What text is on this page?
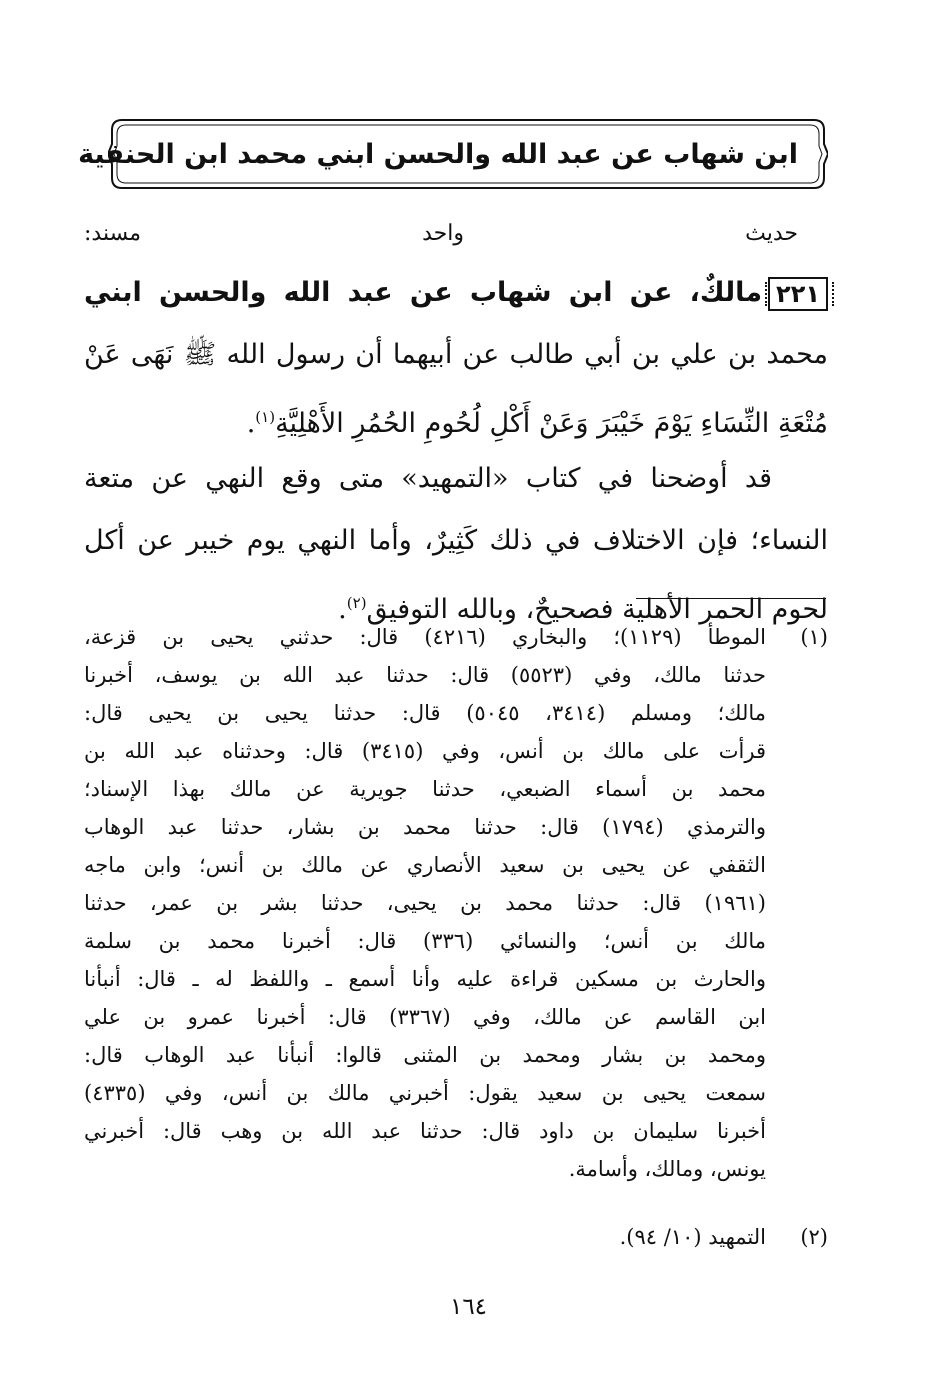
ابن شهاب عن عبد الله والحسن ابني محمد ابن الحنفية
حديث واحد مسند:
٢٢١مالكٌ، عن ابن شهاب عن عبد الله والحسن ابني
محمد بن علي بن أبي طالب عن أبيهما أن رسول الله ﷺ نَهَى عَنْ
مُتْعَةِ النِّسَاءِ يَوْمَ خَيْبَرَ وَعَنْ أَكْلِ لُحُومِ الحُمُرِ الأَهْلِيَّةِ$^{(١)}$.
قد أوضحنا في كتاب «التمهيد» متى وقع النهي عن متعة
النساء؛ فإن الاختلاف في ذلك كَثِيرٌ، وأما النهي يوم خيبر عن أكل
لحوم الحمر الأهلية فصحيحٌ، وبالله التوفيق$^{(٢)}$.
(١)
الموطأ (١١٢٩)؛ والبخاري (٤٢١٦) قال: حدثني يحيى بن قزعة،
حدثنا مالك، وفي (٥٥٢٣) قال: حدثنا عبد الله بن يوسف، أخبرنا
مالك؛ ومسلم (٣٤١٤، ٥٠٤٥) قال: حدثنا يحيى بن يحيى قال:
قرأت على مالك بن أنس، وفي (٣٤١٥) قال: وحدثناه عبد الله بن
محمد بن أسماء الضبعي، حدثنا جويرية عن مالك بهذا الإسناد؛
والترمذي (١٧٩٤) قال: حدثنا محمد بن بشار، حدثنا عبد الوهاب
الثقفي عن يحيى بن سعيد الأنصاري عن مالك بن أنس؛ وابن ماجه
(١٩٦١) قال: حدثنا محمد بن يحيى، حدثنا بشر بن عمر، حدثنا
مالك بن أنس؛ والنسائي (٣٣٦) قال: أخبرنا محمد بن سلمة
والحارث بن مسكين قراءة عليه وأنا أسمع ـ واللفظ له ـ قال: أنبأنا
ابن القاسم عن مالك، وفي (٣٣٦٧) قال: أخبرنا عمرو بن علي
ومحمد بن بشار ومحمد بن المثنى قالوا: أنبأنا عبد الوهاب قال:
سمعت يحيى بن سعيد يقول: أخبرني مالك بن أنس، وفي (٤٣٣٥)
أخبرنا سليمان بن داود قال: حدثنا عبد الله بن وهب قال: أخبرني
يونس، ومالك، وأسامة.
(٢)
التمهيد (١٠/ ٩٤).
١٦٤
